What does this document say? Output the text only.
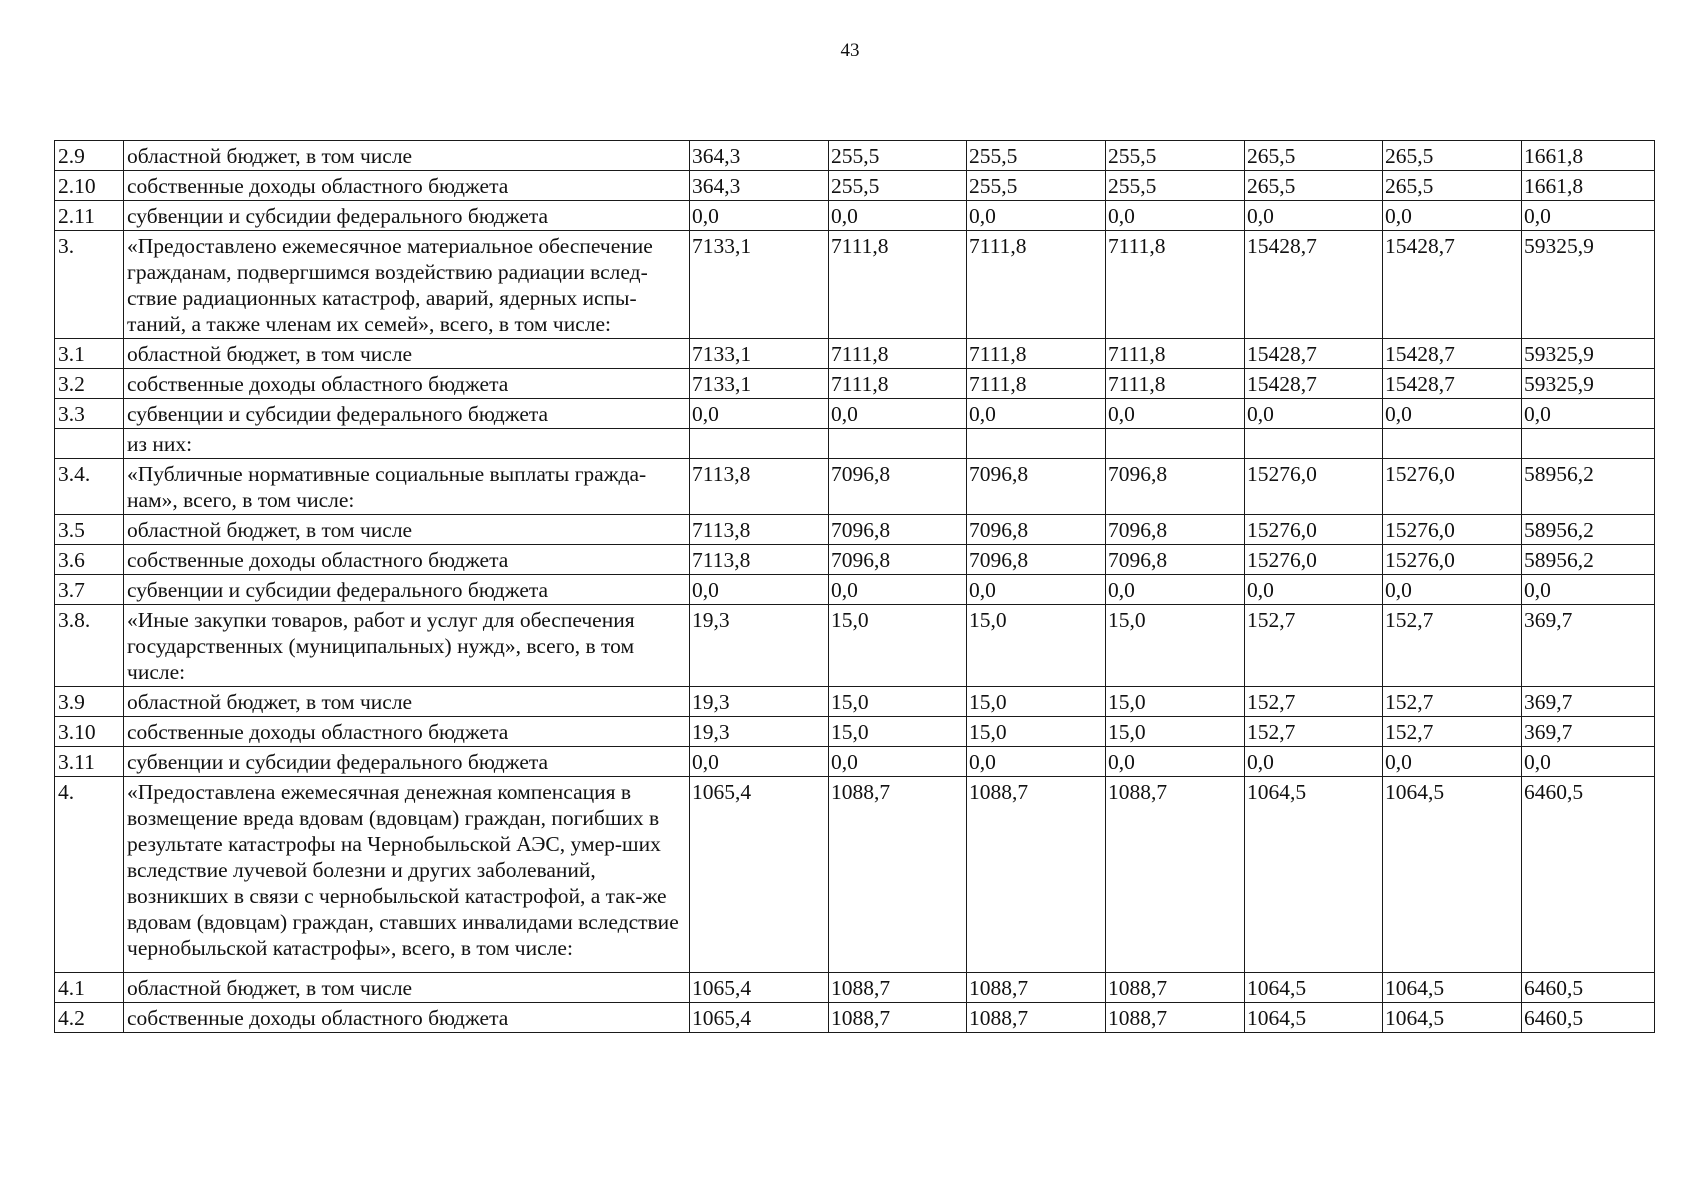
43
2.9	областной бюджет, в том числе	364,3	255,5	255,5	255,5	265,5	265,5	1661,8
2.10	собственные доходы областного бюджета	364,3	255,5	255,5	255,5	265,5	265,5	1661,8
2.11	субвенции и субсидии федерального бюджета	0,0	0,0	0,0	0,0	0,0	0,0	0,0
3.	«Предоставлено ежемесячное материальное обеспечение гражданам, подвергшимся воздействию радиации вслед-ствие радиационных катастроф, аварий, ядерных испы-таний, а также членам их семей», всего, в том числе:	7133,1	7111,8	7111,8	7111,8	15428,7	15428,7	59325,9
3.1	областной бюджет, в том числе	7133,1	7111,8	7111,8	7111,8	15428,7	15428,7	59325,9
3.2	собственные доходы областного бюджета	7133,1	7111,8	7111,8	7111,8	15428,7	15428,7	59325,9
3.3	субвенции и субсидии федерального бюджета	0,0	0,0	0,0	0,0	0,0	0,0	0,0
	из них:							
3.4.	«Публичные нормативные социальные выплаты гражда-нам», всего, в том числе:	7113,8	7096,8	7096,8	7096,8	15276,0	15276,0	58956,2
3.5	областной бюджет, в том числе	7113,8	7096,8	7096,8	7096,8	15276,0	15276,0	58956,2
3.6	собственные доходы областного бюджета	7113,8	7096,8	7096,8	7096,8	15276,0	15276,0	58956,2
3.7	субвенции и субсидии федерального бюджета	0,0	0,0	0,0	0,0	0,0	0,0	0,0
3.8.	«Иные закупки товаров, работ и услуг для обеспечения государственных (муниципальных) нужд», всего, в том числе:	19,3	15,0	15,0	15,0	152,7	152,7	369,7
3.9	областной бюджет, в том числе	19,3	15,0	15,0	15,0	152,7	152,7	369,7
3.10	собственные доходы областного бюджета	19,3	15,0	15,0	15,0	152,7	152,7	369,7
3.11	субвенции и субсидии федерального бюджета	0,0	0,0	0,0	0,0	0,0	0,0	0,0
4.	«Предоставлена ежемесячная денежная компенсация в возмещение вреда вдовам (вдовцам) граждан, погибших в результате катастрофы на Чернобыльской АЭС, умер-ших вследствие лучевой болезни и других заболеваний, возникших в связи с чернобыльской катастрофой, а так-же вдовам (вдовцам) граждан, ставших инвалидами вследствие чернобыльской катастрофы», всего, в том числе:	1065,4	1088,7	1088,7	1088,7	1064,5	1064,5	6460,5
4.1	областной бюджет, в том числе	1065,4	1088,7	1088,7	1088,7	1064,5	1064,5	6460,5
4.2	собственные доходы областного бюджета	1065,4	1088,7	1088,7	1088,7	1064,5	1064,5	6460,5
